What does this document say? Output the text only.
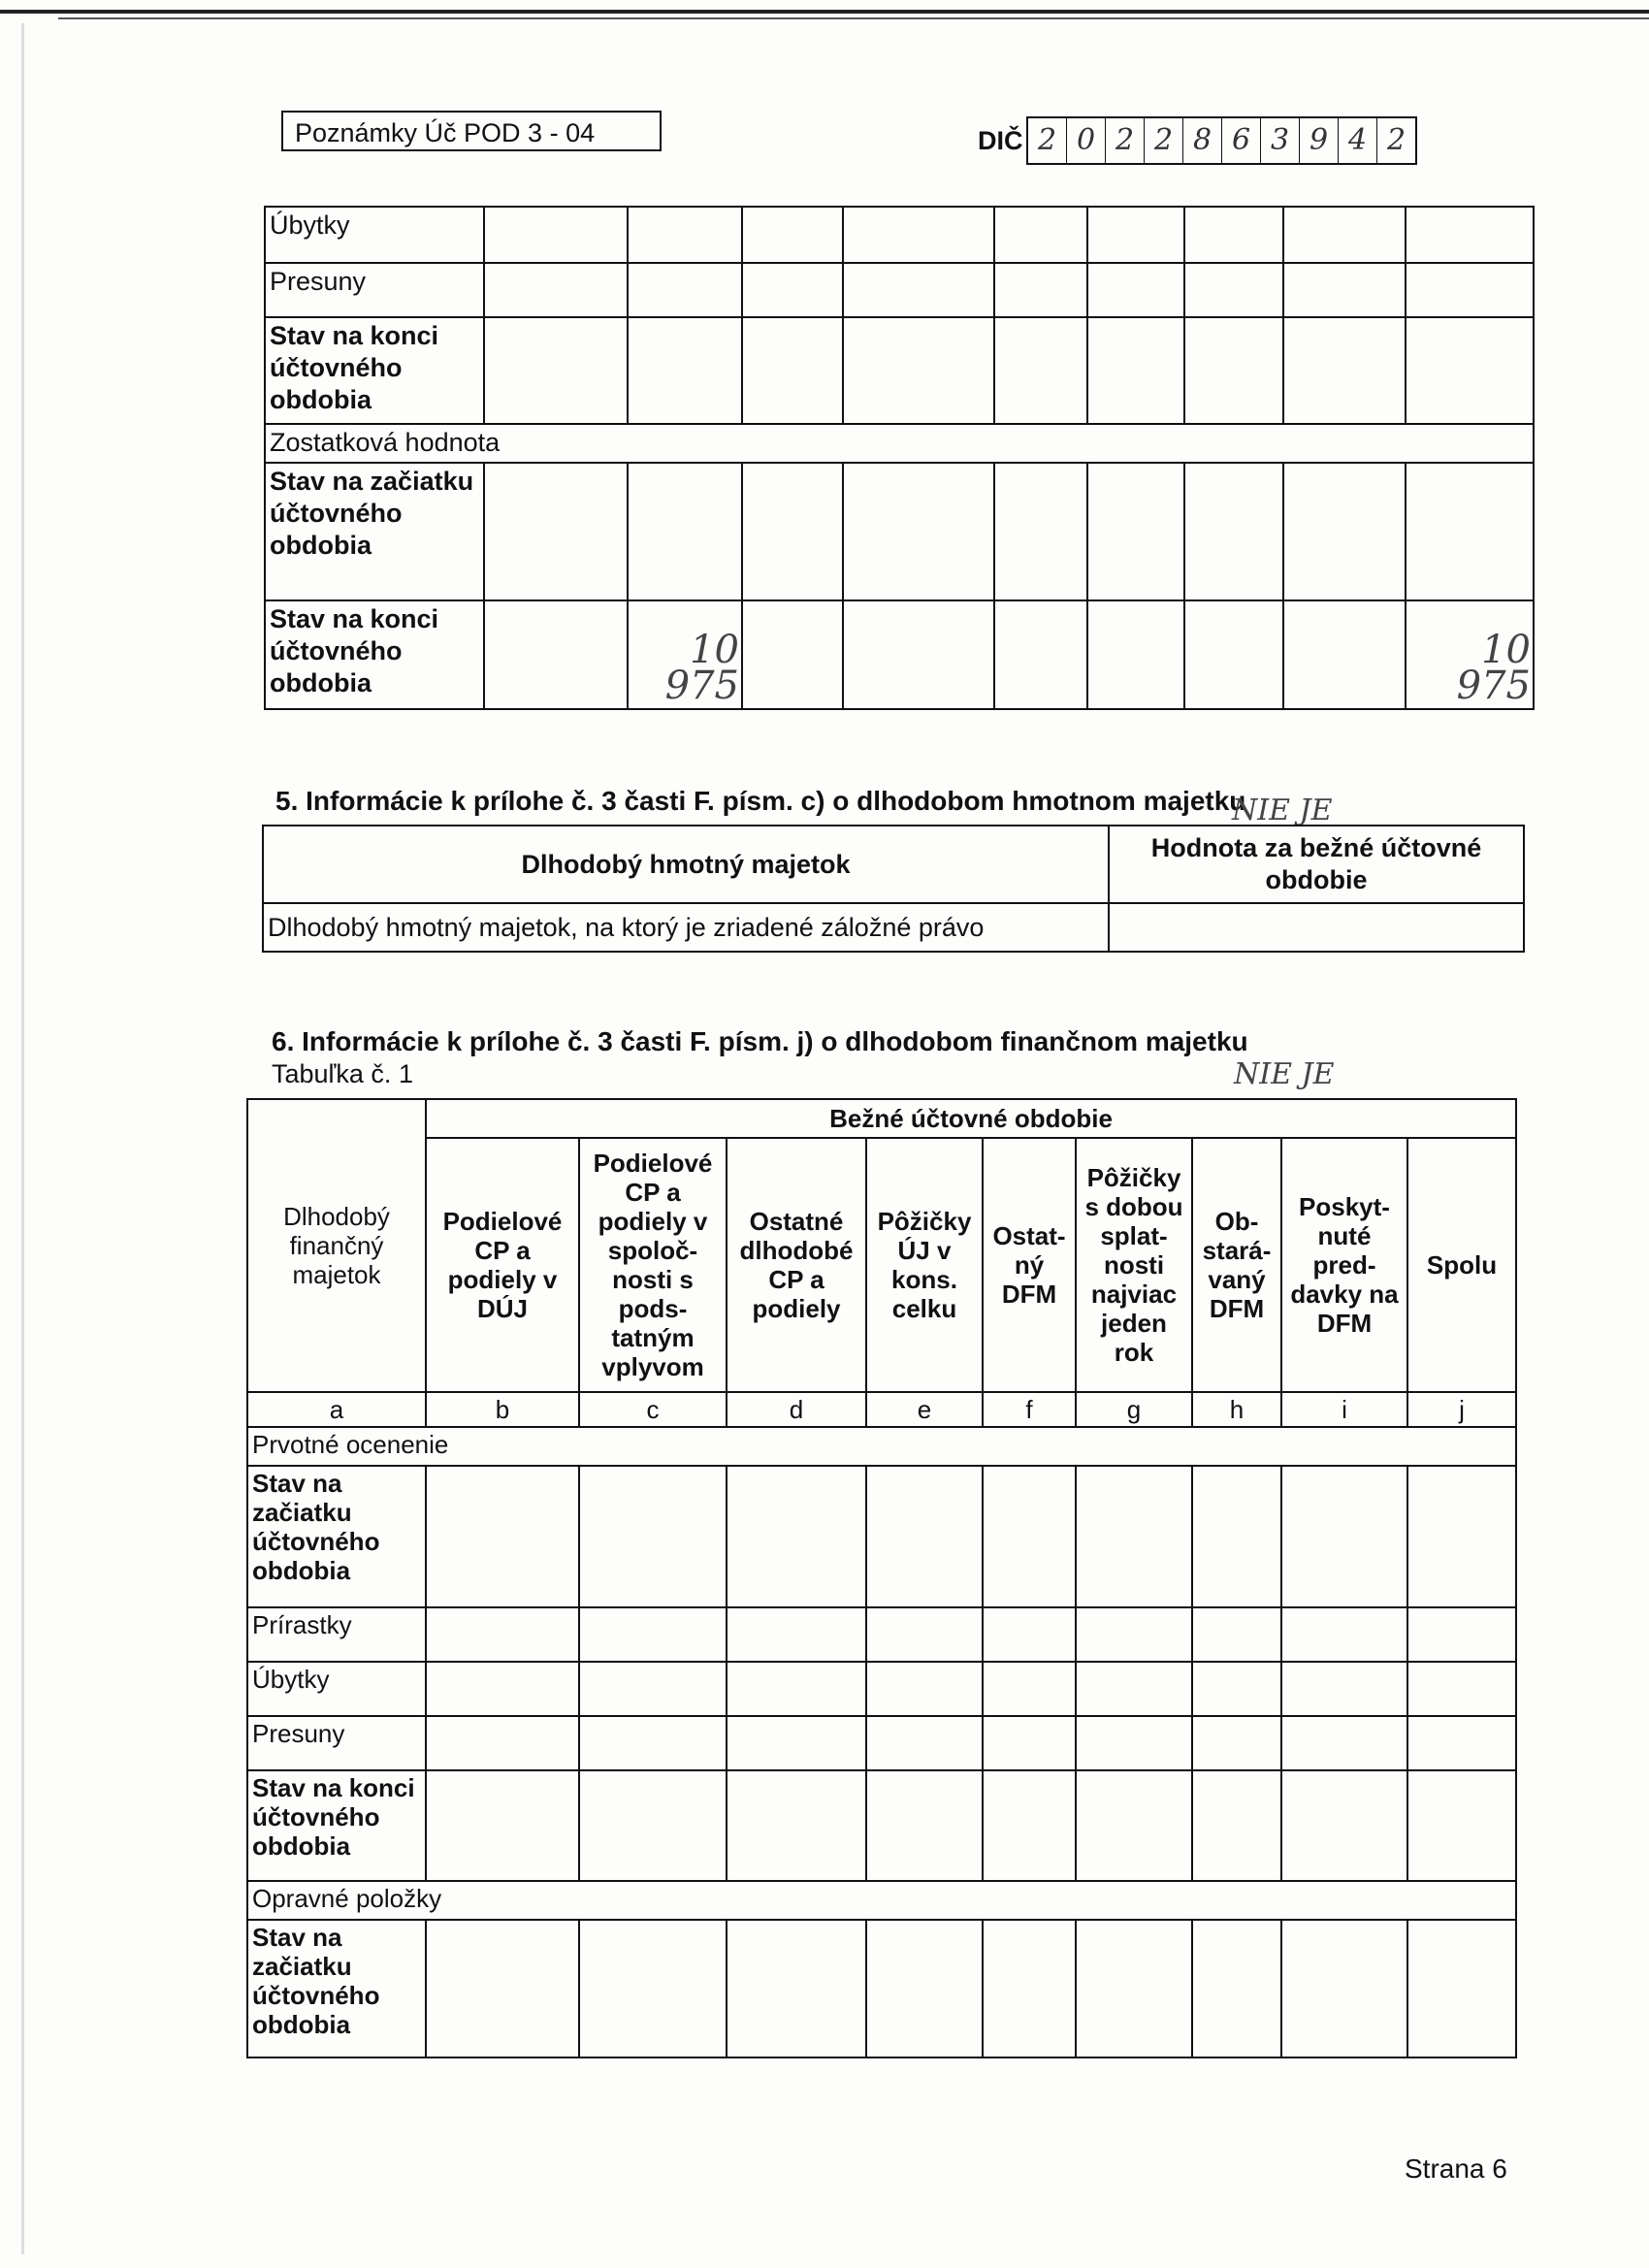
Poznámky Úč POD 3 - 04	DIČ 2 0 2 2 8 6 3 9 4 2
Úbytky									
Presuny									
Stav na konci účtovného obdobia									
Zostatková hodnota									
Stav na začiatku účtovného obdobia									
Stav na konci účtovného obdobia		10 975							10 975
5. Informácie k prílohe č. 3 časti F. písm. c) o dlhodobom hmotnom majetku
NIE JE
Dlhodobý hmotný majetok	Hodnota za bežné účtovné obdobie
Dlhodobý hmotný majetok, na ktorý je zriadené záložné právo	
6. Informácie k prílohe č. 3 časti F. písm. j) o dlhodobom finančnom majetku
Tabuľka č. 1	NIE JE
Dlhodobý finančný majetok	Bežné účtovné obdobie								
	Podielové CP a podiely v DÚJ	Podielové CP a podiely v spoloč- nosti s pods- tatným vplyvom	Ostatné dlhodobé CP a podiely	Pôžičky ÚJ v kons. celku	Ostat- ný DFM	Pôžičky s dobou splat- nosti najviac jeden rok	Ob- stará- vaný DFM	Poskyt- nuté pred- davky na DFM	Spolu
a	b	c	d	e	f	g	h	i	j
Prvotné ocenenie									
Stav na začiatku účtovného obdobia									
Prírastky									
Úbytky									
Presuny									
Stav na konci účtovného obdobia									
Opravné položky									
Stav na začiatku účtovného obdobia									
Strana 6
